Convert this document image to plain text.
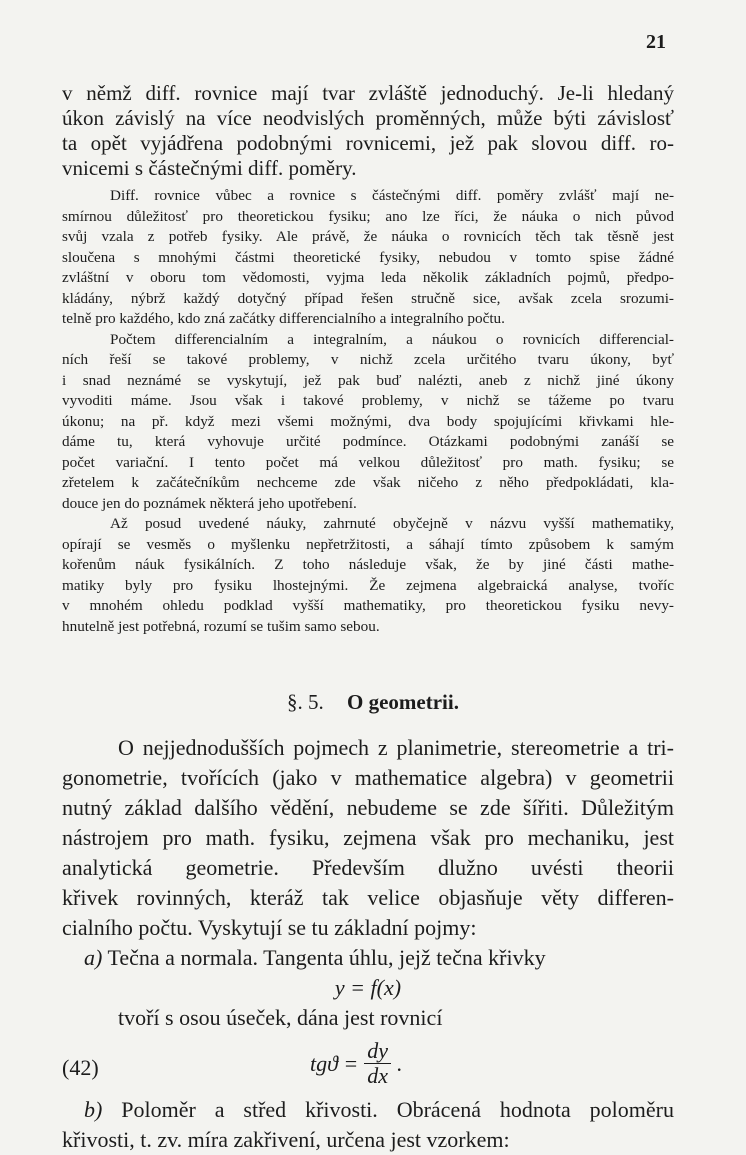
21
v němž diff. rovnice mají tvar zvláště jednoduchý. Je-li hledaný
úkon závislý na více neodvislých proměnných, může býti závislosť
ta opět vyjádřena podobnými rovnicemi, jež pak slovou diff. ro-
vnicemi s částečnými diff. poměry.
Diff. rovnice vůbec a rovnice s částečnými diff. poměry zvlášť mají ne-
smírnou důležitosť pro theoretickou fysiku; ano lze říci, že náuka o nich původ
svůj vzala z potřeb fysiky. Ale právě, že náuka o rovnicích těch tak těsně jest
sloučena s mnohými částmi theoretické fysiky, nebudou v tomto spise žádné
zvláštní v oboru tom vědomosti, vyjma leda několik základních pojmů, předpo-
kládány, nýbrž každý dotyčný případ řešen stručně sice, avšak zcela srozumi-
telně pro každého, kdo zná začátky differencialního a integralního počtu.
Počtem differencialním a integralním, a náukou o rovnicích differencial-
ních řeší se takové problemy, v nichž zcela určitého tvaru úkony, byť
i snad neznámé se vyskytují, jež pak buď nalézti, aneb z nichž jiné úkony
vyvoditi máme. Jsou však i takové problemy, v nichž se tážeme po tvaru
úkonu; na př. když mezi všemi možnými, dva body spojujícími křivkami hle-
dáme tu, která vyhovuje určité podmínce. Otázkami podobnými zanáší se
počet variační. I tento počet má velkou důležitosť pro math. fysiku; se
zřetelem k začátečníkům nechceme zde však ničeho z něho předpokládati, kla-
douce jen do poznámek některá jeho upotřebení.
Až posud uvedené náuky, zahrnuté obyčejně v názvu vyšší mathematiky,
opírají se vesměs o myšlenku nepřetržitosti, a sáhají tímto způsobem k samým
kořenům náuk fysikálních. Z toho následuje však, že by jiné části mathe-
matiky byly pro fysiku lhostejnými. Že zejmena algebraická analyse, tvoříc
v mnohém ohledu podklad vyšší mathematiky, pro theoretickou fysiku nevy-
hnutelně jest potřebná, rozumí se tušim samo sebou.
§. 5. O geometrii.
O nejjednodušších pojmech z planimetrie, stereometrie a tri-
gonometrie, tvořících (jako v mathematice algebra) v geometrii
nutný základ dalšího vědění, nebudeme se zde šířiti. Důležitým
nástrojem pro math. fysiku, zejmena však pro mechaniku, jest
analytická geometrie. Především dlužno uvésti theorii
křivek rovinných, kteráž tak velice objasňuje věty differen-
cialního počtu. Vyskytují se tu základní pojmy:
a) Tečna a normala. Tangenta úhlu, jejž tečna křivky
y = f(x)
tvoří s osou úseček, dána jest rovnicí
(42)	$tgϑ = \frac{dy}{dx}$ .
b) Poloměr a střed křivosti. Obrácená hodnota poloměru
křivosti, t. zv. míra zakřivení, určena jest vzorkem:
